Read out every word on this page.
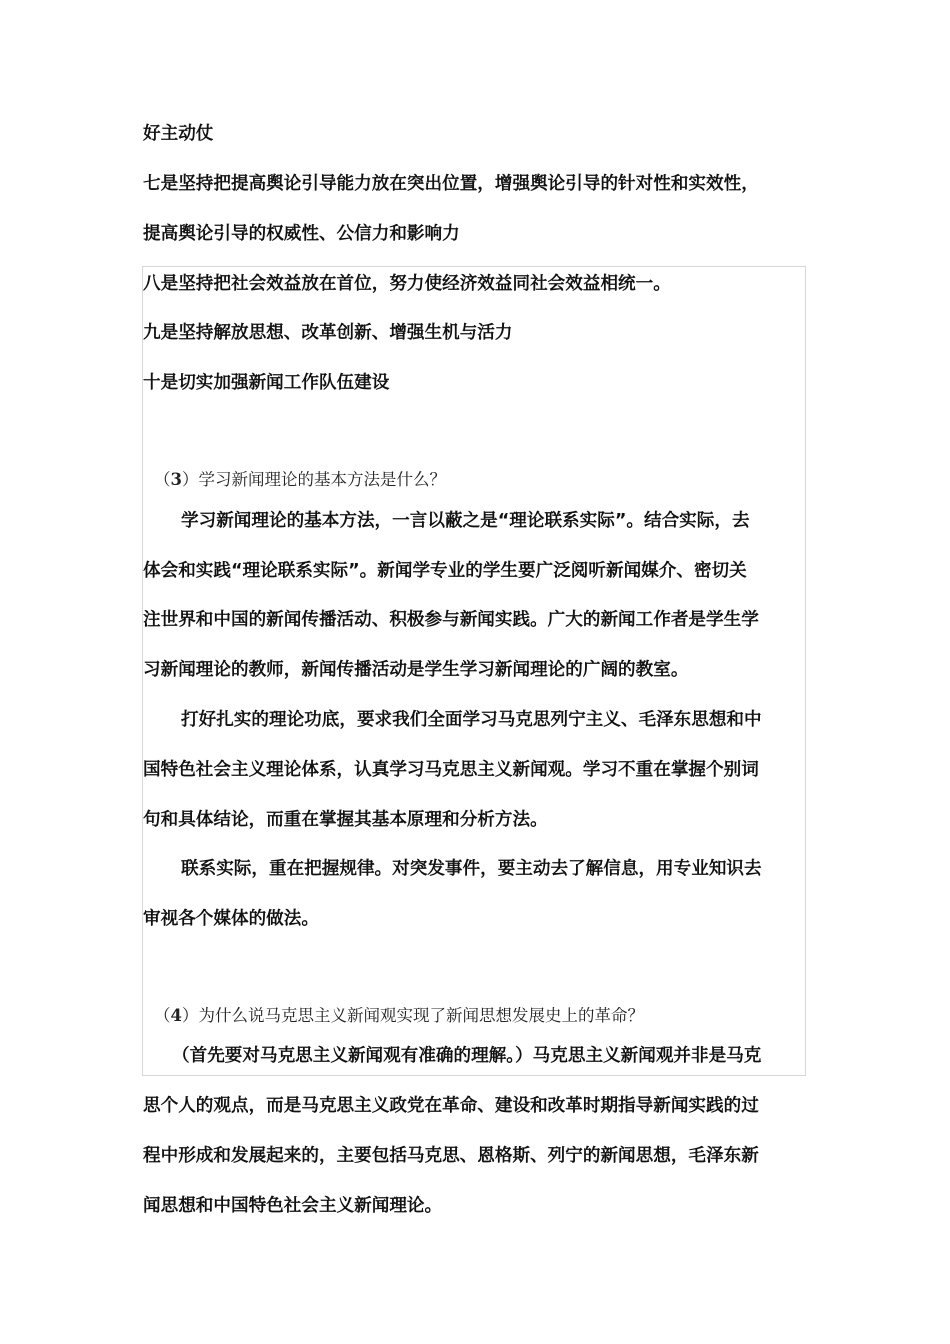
好主动仗
七是坚持把提高舆论引导能力放在突出位置，增强舆论引导的针对性和实效性，
提高舆论引导的权威性、公信力和影响力
八是坚持把社会效益放在首位，努力使经济效益同社会效益相统一。
九是坚持解放思想、改革创新、增强生机与活力
十是切实加强新闻工作队伍建设
（3）学习新闻理论的基本方法是什么？
学习新闻理论的基本方法，一言以蔽之是“理论联系实际”。结合实际，去
体会和实践“理论联系实际”。新闻学专业的学生要广泛阅听新闻媒介、密切关
注世界和中国的新闻传播活动、积极参与新闻实践。广大的新闻工作者是学生学
习新闻理论的教师，新闻传播活动是学生学习新闻理论的广阔的教室。
打好扎实的理论功底，要求我们全面学习马克思列宁主义、毛泽东思想和中
国特色社会主义理论体系，认真学习马克思主义新闻观。学习不重在掌握个别词
句和具体结论，而重在掌握其基本原理和分析方法。
联系实际，重在把握规律。对突发事件，要主动去了解信息，用专业知识去
审视各个媒体的做法。
（4）为什么说马克思主义新闻观实现了新闻思想发展史上的革命？
（首先要对马克思主义新闻观有准确的理解。）马克思主义新闻观并非是马克
思个人的观点，而是马克思主义政党在革命、建设和改革时期指导新闻实践的过
程中形成和发展起来的，主要包括马克思、恩格斯、列宁的新闻思想，毛泽东新
闻思想和中国特色社会主义新闻理论。
